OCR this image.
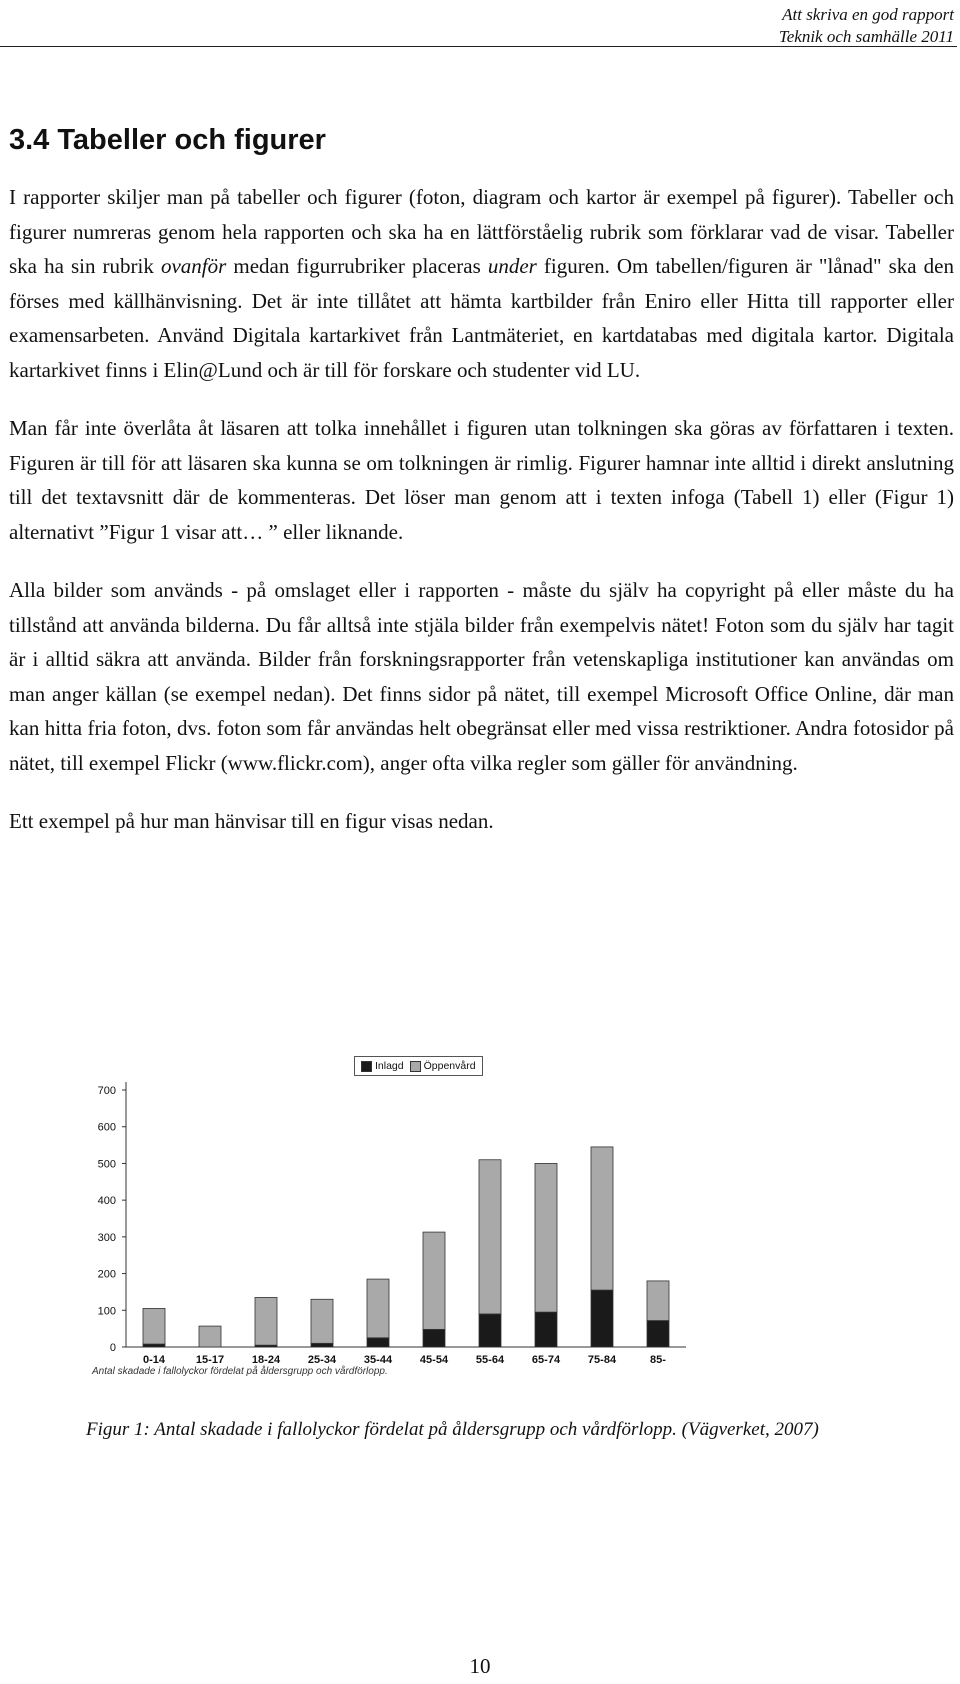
Att skriva en god rapport
Teknik och samhälle 2011
3.4 Tabeller och figurer

I rapporter skiljer man på tabeller och figurer (foton, diagram och kartor är exempel på figurer). Tabeller och figurer numreras genom hela rapporten och ska ha en lättförståelig rubrik som förklarar vad de visar. Tabeller ska ha sin rubrik ovanför medan figurrubriker placeras under figuren. Om tabellen/figuren är "lånad" ska den förses med källhänvisning. Det är inte tillåtet att hämta kartbilder från Eniro eller Hitta till rapporter eller examensarbeten. Använd Digitala kartarkivet från Lantmäteriet, en kartdatabas med digitala kartor. Digitala kartarkivet finns i Elin@Lund och är till för forskare och studenter vid LU.

Man får inte överlåta åt läsaren att tolka innehållet i figuren utan tolkningen ska göras av författaren i texten. Figuren är till för att läsaren ska kunna se om tolkningen är rimlig. Figurer hamnar inte alltid i direkt anslutning till det textavsnitt där de kommenteras. Det löser man genom att i texten infoga (Tabell 1) eller (Figur 1) alternativt ”Figur 1 visar att… ” eller liknande.

Alla bilder som används - på omslaget eller i rapporten - måste du själv ha copyright på eller måste du ha tillstånd att använda bilderna. Du får alltså inte stjäla bilder från exempelvis nätet! Foton som du själv har tagit är i alltid säkra att använda. Bilder från forskningsrapporter från vetenskapliga institutioner kan användas om man anger källan (se exempel nedan). Det finns sidor på nätet, till exempel Microsoft Office Online, där man kan hitta fria foton, dvs. foton som får användas helt obegränsat eller med vissa restriktioner. Andra fotosidor på nätet, till exempel Flickr (www.flickr.com), anger ofta vilka regler som gäller för användning.

Ett exempel på hur man hänvisar till en figur visas nedan.

0
100
200
300
400
500
600
700
0-14	15-17	18-24	25-34	35-44	45-54	55-64	65-74	75-84	85-
Inlagd Öppenvård
Antal skadade i fallolyckor fördelat på åldersgrupp och vårdförlopp.

Figur 1: Antal skadade i fallolyckor fördelat på åldersgrupp och vårdförlopp. (Vägverket, 2007)

10
